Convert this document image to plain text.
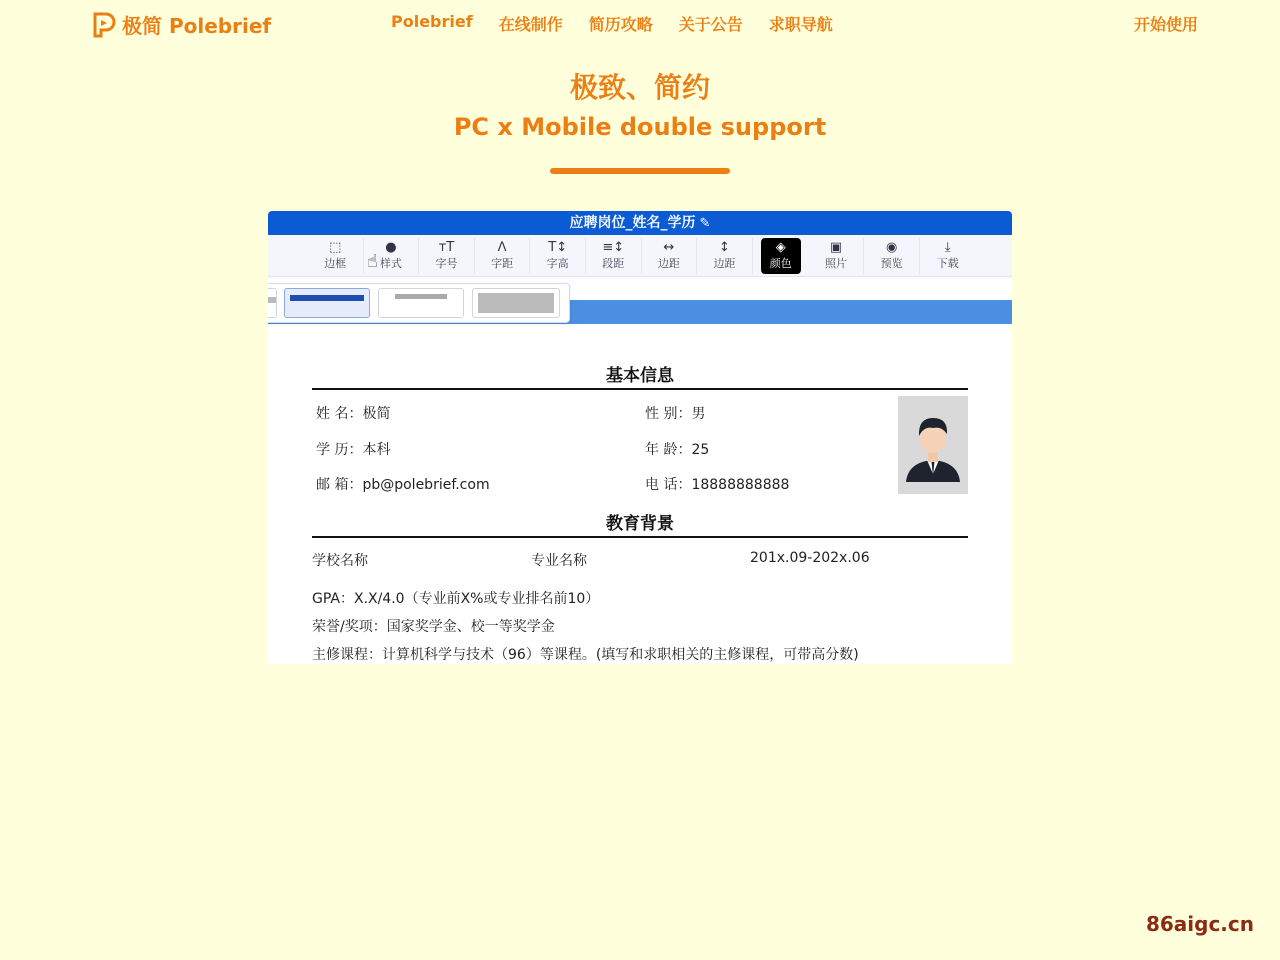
极简 Polebrief	Polebrief 在线制作 简历攻略 关于公告 求职导航	开始使用
极致、简约
PC x Mobile double support
应聘岗位_姓名_学历 ✎
⬚
边框
●
样式
ᴛT
字号
ꓥ
字距
T↕
字高
≡↕
段距
↔
边距
↕
边距
◈
颜色
▣
照片
◉
预览
⤓
下载
☝
基本信息
姓 名：极简	性 别：男
学 历：本科	年 龄：25
邮 箱：pb@polebrief.com	电 话：18888888888
教育背景
学校名称	专业名称	201x.09-202x.06
GPA：X.X/4.0（专业前X%或专业排名前10）
荣誉/奖项：国家奖学金、校一等奖学金
主修课程：计算机科学与技术（96）等课程。(填写和求职相关的主修课程，可带高分数)
86aigc.cn
